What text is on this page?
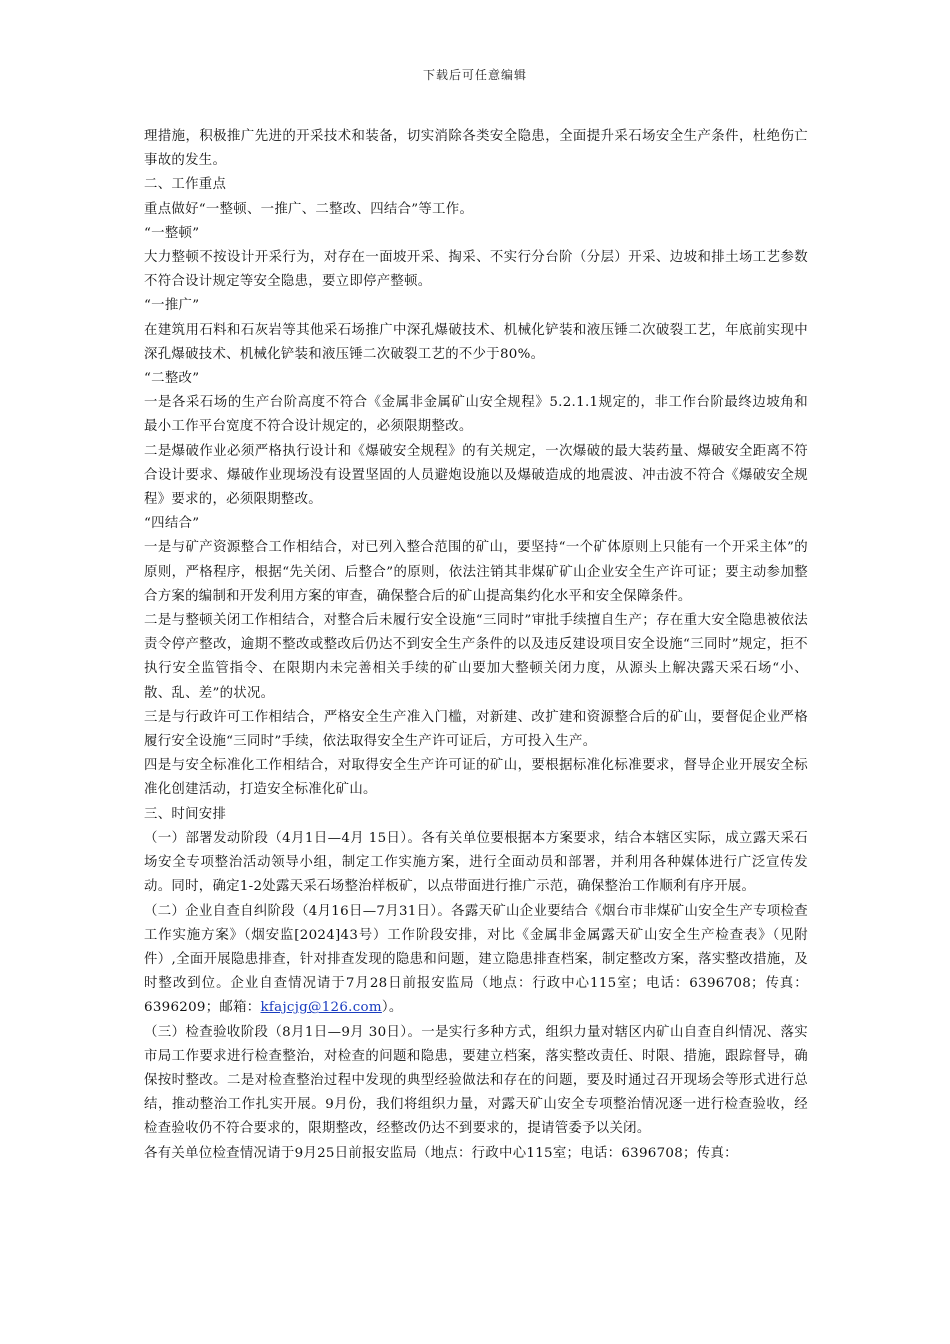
下载后可任意编辑

理措施，积极推广先进的开采技术和装备，切实消除各类安全隐患，全面提升采石场安全生产条件，杜绝伤亡事故的发生。

二、工作重点

重点做好“一整顿、一推广、二整改、四结合”等工作。

“一整顿”

大力整顿不按设计开采行为，对存在一面坡开采、掏采、不实行分台阶（分层）开采、边坡和排土场工艺参数不符合设计规定等安全隐患，要立即停产整顿。

“一推广”

在建筑用石料和石灰岩等其他采石场推广中深孔爆破技术、机械化铲装和液压锤二次破裂工艺，年底前实现中深孔爆破技术、机械化铲装和液压锤二次破裂工艺的不少于80%。

“二整改”

一是各采石场的生产台阶高度不符合《金属非金属矿山安全规程》5.2.1.1规定的，非工作台阶最终边坡角和最小工作平台宽度不符合设计规定的，必须限期整改。

二是爆破作业必须严格执行设计和《爆破安全规程》的有关规定，一次爆破的最大装药量、爆破安全距离不符合设计要求、爆破作业现场没有设置坚固的人员避炮设施以及爆破造成的地震波、冲击波不符合《爆破安全规程》要求的，必须限期整改。

“四结合”

一是与矿产资源整合工作相结合，对已列入整合范围的矿山，要坚持“一个矿体原则上只能有一个开采主体”的原则，严格程序，根据“先关闭、后整合”的原则，依法注销其非煤矿矿山企业安全生产许可证；要主动参加整合方案的编制和开发利用方案的审查，确保整合后的矿山提高集约化水平和安全保障条件。

二是与整顿关闭工作相结合，对整合后未履行安全设施“三同时”审批手续擅自生产；存在重大安全隐患被依法责令停产整改，逾期不整改或整改后仍达不到安全生产条件的以及违反建设项目安全设施“三同时”规定，拒不执行安全监管指令、在限期内未完善相关手续的矿山要加大整顿关闭力度，从源头上解决露天采石场“小、散、乱、差”的状况。

三是与行政许可工作相结合，严格安全生产准入门槛，对新建、改扩建和资源整合后的矿山，要督促企业严格履行安全设施“三同时”手续，依法取得安全生产许可证后，方可投入生产。

四是与安全标准化工作相结合，对取得安全生产许可证的矿山，要根据标准化标准要求，督导企业开展安全标准化创建活动，打造安全标准化矿山。

三、时间安排

（一）部署发动阶段（4月1日—4月 15日）。各有关单位要根据本方案要求，结合本辖区实际，成立露天采石场安全专项整治活动领导小组，制定工作实施方案，进行全面动员和部署，并利用各种媒体进行广泛宣传发动。同时，确定1-2处露天采石场整治样板矿，以点带面进行推广示范，确保整治工作顺利有序开展。

（二）企业自查自纠阶段（4月16日—7月31日）。各露天矿山企业要结合《烟台市非煤矿山安全生产专项检查工作实施方案》（烟安监[2024]43号）工作阶段安排，对比《金属非金属露天矿山安全生产检查表》（见附件）,全面开展隐患排查，针对排查发现的隐患和问题，建立隐患排查档案，制定整改方案，落实整改措施，及时整改到位。企业自查情况请于7月28日前报安监局（地点：行政中心115室；电话：6396708；传真：6396209；邮箱：kfajcjg@126.com）。

（三）检查验收阶段（8月1日—9月 30日）。一是实行多种方式，组织力量对辖区内矿山自查自纠情况、落实市局工作要求进行检查整治，对检查的问题和隐患，要建立档案，落实整改责任、时限、措施，跟踪督导，确保按时整改。二是对检查整治过程中发现的典型经验做法和存在的问题，要及时通过召开现场会等形式进行总结，推动整治工作扎实开展。9月份，我们将组织力量，对露天矿山安全专项整治情况逐一进行检查验收，经检查验收仍不符合要求的，限期整改，经整改仍达不到要求的，提请管委予以关闭。

各有关单位检查情况请于9月25日前报安监局（地点：行政中心115室；电话：6396708；传真：
